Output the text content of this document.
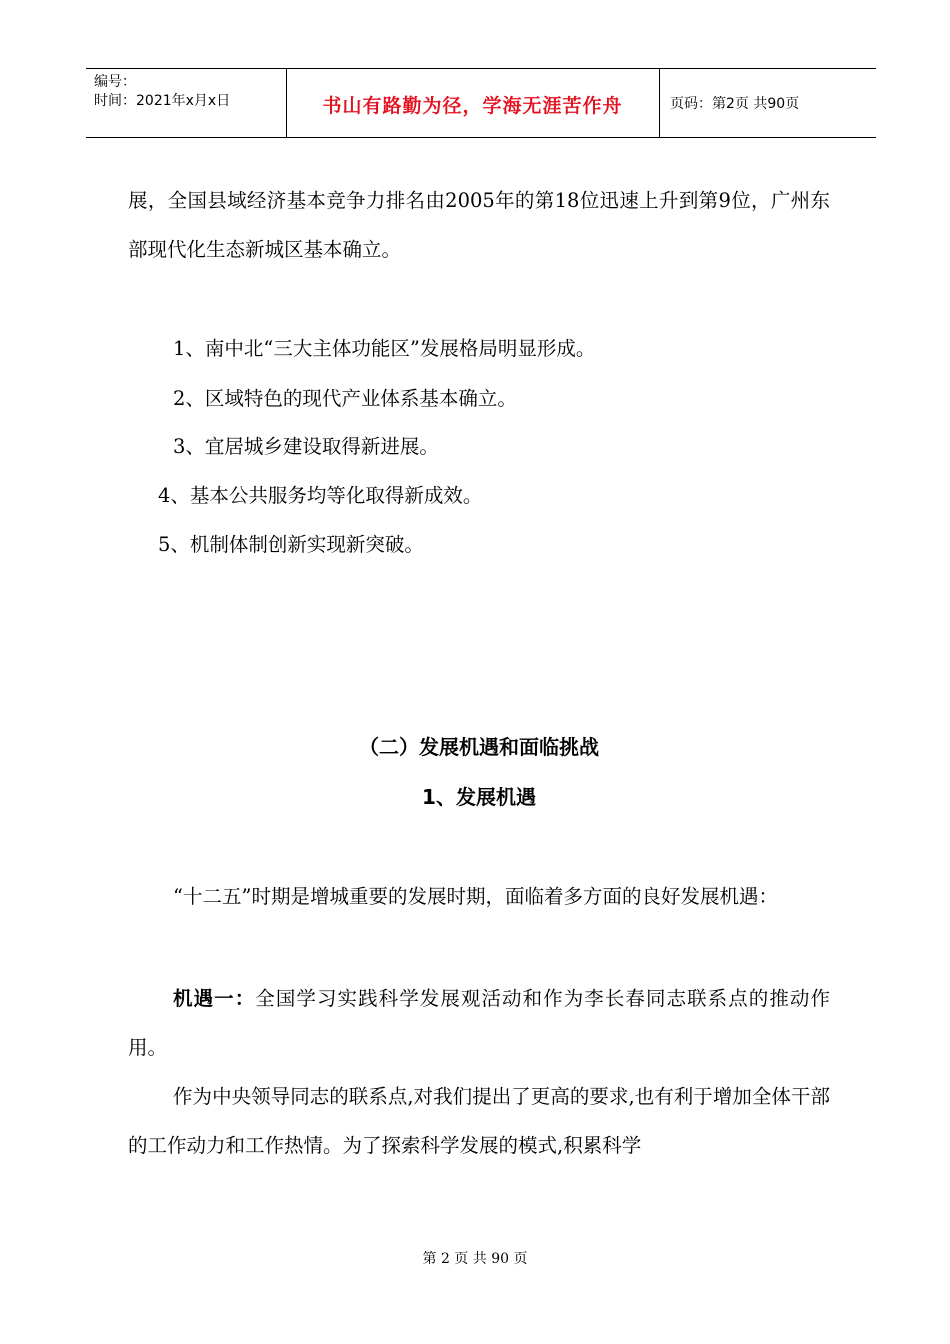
编号：
时间：2021年x月x日	书山有路勤为径，学海无涯苦作舟	页码：第2页 共90页
展，全国县域经济基本竞争力排名由2005年的第18位迅速上升到第9位，广州东部现代化生态新城区基本确立。
1、南中北“三大主体功能区”发展格局明显形成。
2、区域特色的现代产业体系基本确立。
3、宜居城乡建设取得新进展。
4、基本公共服务均等化取得新成效。
5、机制体制创新实现新突破。
（二）发展机遇和面临挑战
1、发展机遇
“十二五”时期是增城重要的发展时期，面临着多方面的良好发展机遇：
机遇一：全国学习实践科学发展观活动和作为李长春同志联系点的推动作用。
作为中央领导同志的联系点,对我们提出了更高的要求,也有利于增加全体干部的工作动力和工作热情。为了探索科学发展的模式,积累科学
第 2 页 共 90 页
